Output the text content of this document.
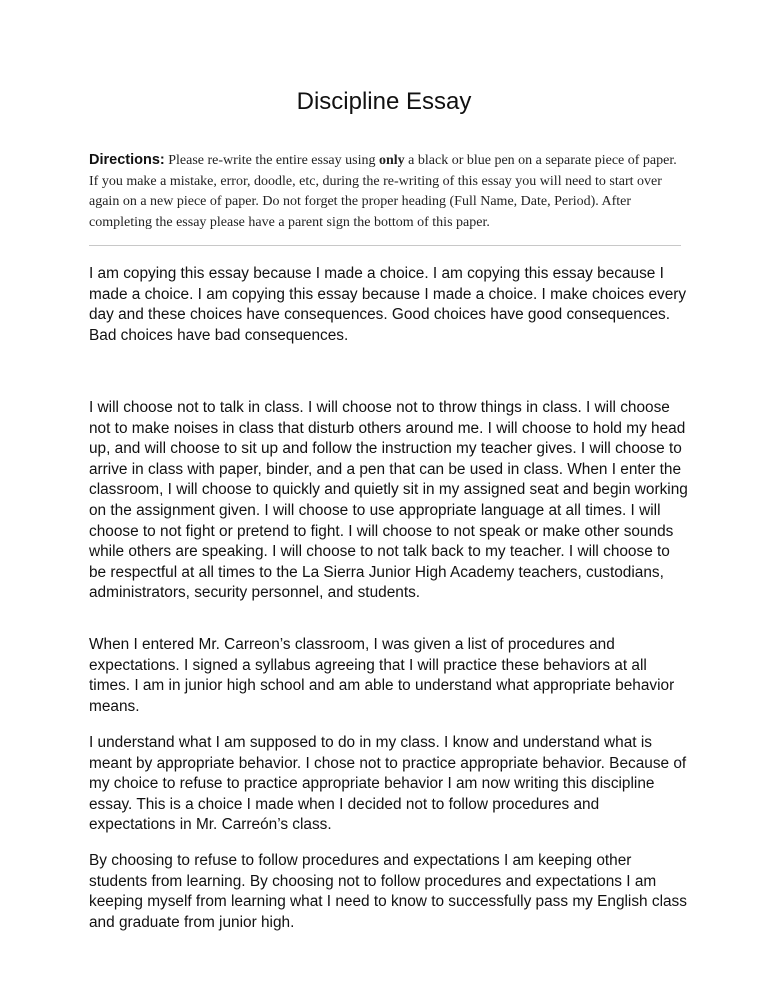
Discipline Essay
Directions: Please re-write the entire essay using only a black or blue pen on a separate piece of paper. If you make a mistake, error, doodle, etc, during the re-writing of this essay you will need to start over again on a new piece of paper. Do not forget the proper heading (Full Name, Date, Period). After completing the essay please have a parent sign the bottom of this paper.

I am copying this essay because I made a choice. I am copying this essay because I made a choice. I am copying this essay because I made a choice. I make choices every day and these choices have consequences. Good choices have good consequences. Bad choices have bad consequences.

I will choose not to talk in class. I will choose not to throw things in class. I will choose not to make noises in class that disturb others around me. I will choose to hold my head up, and will choose to sit up and follow the instruction my teacher gives. I will choose to arrive in class with paper, binder, and a pen that can be used in class. When I enter the classroom, I will choose to quickly and quietly sit in my assigned seat and begin working on the assignment given. I will choose to use appropriate language at all times. I will choose to not fight or pretend to fight. I will choose to not speak or make other sounds while others are speaking. I will choose to not talk back to my teacher. I will choose to be respectful at all times to the La Sierra Junior High Academy teachers, custodians, administrators, security personnel, and students.

When I entered Mr. Carreon’s classroom, I was given a list of procedures and expectations. I signed a syllabus agreeing that I will practice these behaviors at all times. I am in junior high school and am able to understand what appropriate behavior means.

I understand what I am supposed to do in my class. I know and understand what is meant by appropriate behavior. I chose not to practice appropriate behavior. Because of my choice to refuse to practice appropriate behavior I am now writing this discipline essay. This is a choice I made when I decided not to follow procedures and expectations in Mr. Carreón’s class.

By choosing to refuse to follow procedures and expectations I am keeping other students from learning. By choosing not to follow procedures and expectations I am keeping myself from learning what I need to know to successfully pass my English class and graduate from junior high.
